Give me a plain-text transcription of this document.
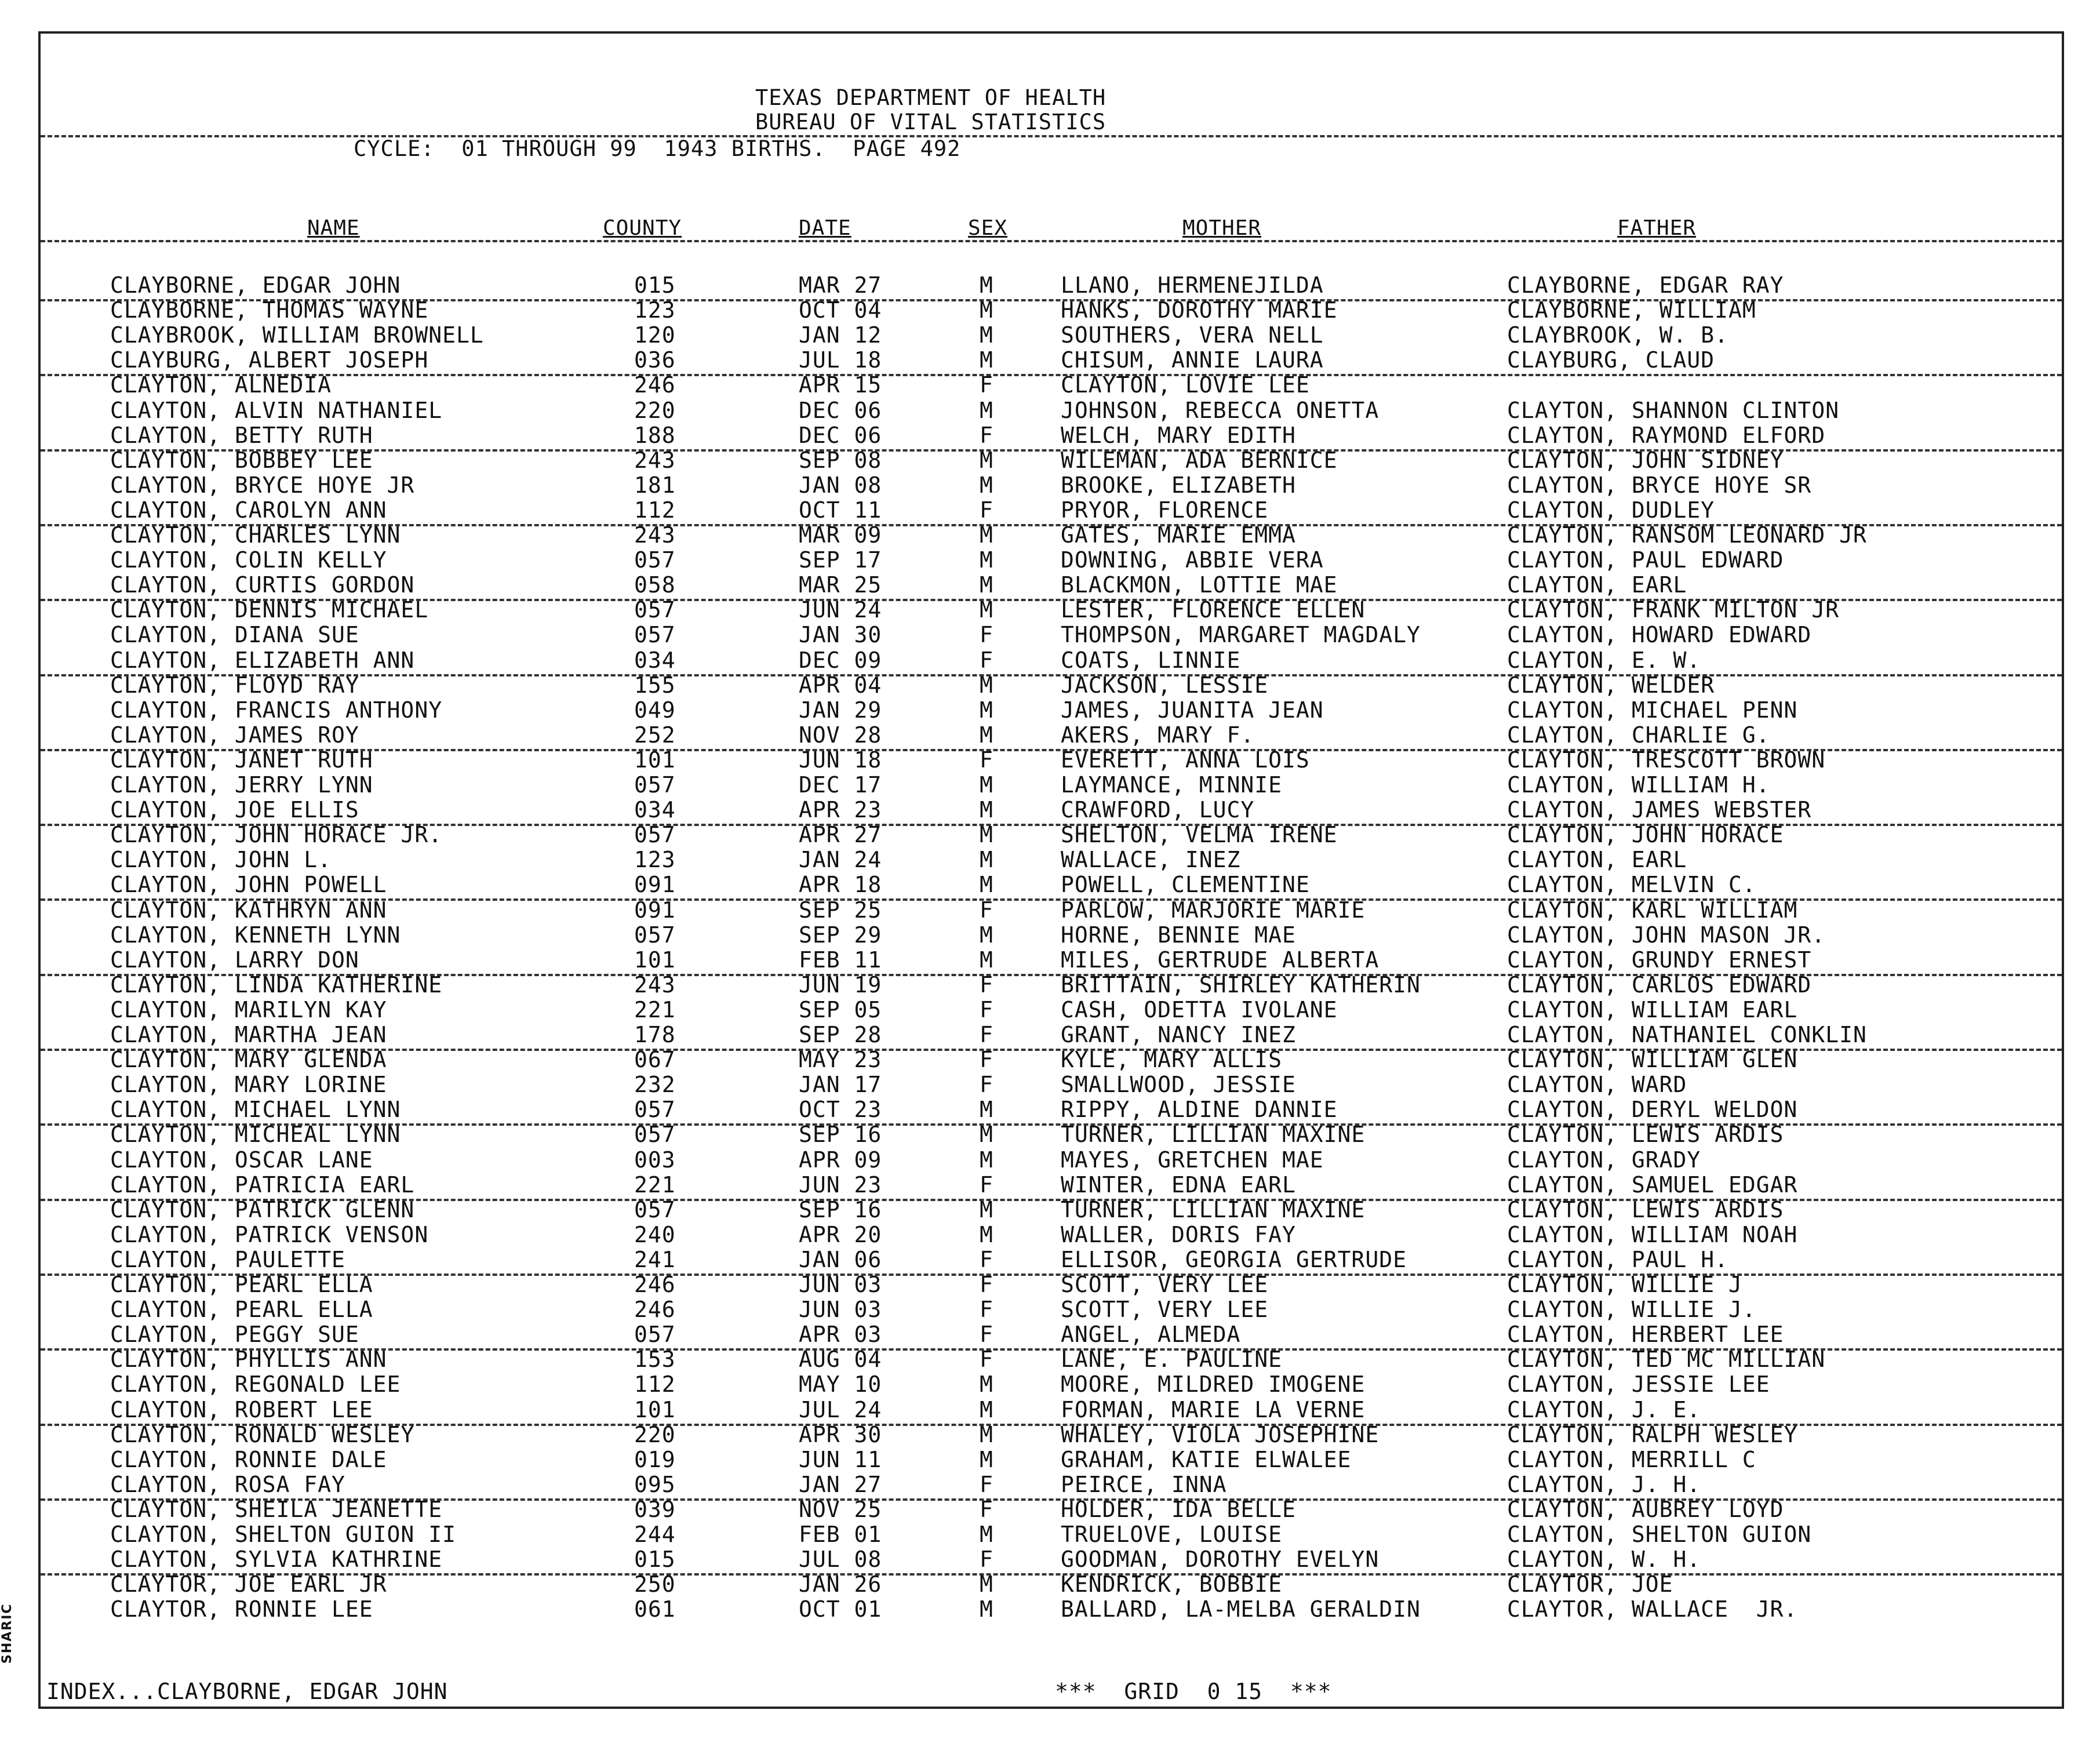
TEXAS DEPARTMENT OF HEALTH
BUREAU OF VITAL STATISTICS
CYCLE:  01 THROUGH 99  1943 BIRTHS.  PAGE 492
NAME	COUNTY	DATE	SEX	MOTHER	FATHER
CLAYBORNE, EDGAR JOHN	015	MAR 27	M	LLANO, HERMENEJILDA	CLAYBORNE, EDGAR RAY
CLAYBORNE, THOMAS WAYNE	123	OCT 04	M	HANKS, DOROTHY MARIE	CLAYBORNE, WILLIAM
CLAYBROOK, WILLIAM BROWNELL	120	JAN 12	M	SOUTHERS, VERA NELL	CLAYBROOK, W. B.
CLAYBURG, ALBERT JOSEPH	036	JUL 18	M	CHISUM, ANNIE LAURA	CLAYBURG, CLAUD
CLAYTON, ALNEDIA	246	APR 15	F	CLAYTON, LOVIE LEE
CLAYTON, ALVIN NATHANIEL	220	DEC 06	M	JOHNSON, REBECCA ONETTA	CLAYTON, SHANNON CLINTON
CLAYTON, BETTY RUTH	188	DEC 06	F	WELCH, MARY EDITH	CLAYTON, RAYMOND ELFORD
CLAYTON, BOBBEY LEE	243	SEP 08	M	WILEMAN, ADA BERNICE	CLAYTON, JOHN SIDNEY
CLAYTON, BRYCE HOYE JR	181	JAN 08	M	BROOKE, ELIZABETH	CLAYTON, BRYCE HOYE SR
CLAYTON, CAROLYN ANN	112	OCT 11	F	PRYOR, FLORENCE	CLAYTON, DUDLEY
CLAYTON, CHARLES LYNN	243	MAR 09	M	GATES, MARIE EMMA	CLAYTON, RANSOM LEONARD JR
CLAYTON, COLIN KELLY	057	SEP 17	M	DOWNING, ABBIE VERA	CLAYTON, PAUL EDWARD
CLAYTON, CURTIS GORDON	058	MAR 25	M	BLACKMON, LOTTIE MAE	CLAYTON, EARL
CLAYTON, DENNIS MICHAEL	057	JUN 24	M	LESTER, FLORENCE ELLEN	CLAYTON, FRANK MILTON JR
CLAYTON, DIANA SUE	057	JAN 30	F	THOMPSON, MARGARET MAGDALY	CLAYTON, HOWARD EDWARD
CLAYTON, ELIZABETH ANN	034	DEC 09	F	COATS, LINNIE	CLAYTON, E. W.
CLAYTON, FLOYD RAY	155	APR 04	M	JACKSON, LESSIE	CLAYTON, WELDER
CLAYTON, FRANCIS ANTHONY	049	JAN 29	M	JAMES, JUANITA JEAN	CLAYTON, MICHAEL PENN
CLAYTON, JAMES ROY	252	NOV 28	M	AKERS, MARY F.	CLAYTON, CHARLIE G.
CLAYTON, JANET RUTH	101	JUN 18	F	EVERETT, ANNA LOIS	CLAYTON, TRESCOTT BROWN
CLAYTON, JERRY LYNN	057	DEC 17	M	LAYMANCE, MINNIE	CLAYTON, WILLIAM H.
CLAYTON, JOE ELLIS	034	APR 23	M	CRAWFORD, LUCY	CLAYTON, JAMES WEBSTER
CLAYTON, JOHN HORACE JR.	057	APR 27	M	SHELTON, VELMA IRENE	CLAYTON, JOHN HORACE
CLAYTON, JOHN L.	123	JAN 24	M	WALLACE, INEZ	CLAYTON, EARL
CLAYTON, JOHN POWELL	091	APR 18	M	POWELL, CLEMENTINE	CLAYTON, MELVIN C.
CLAYTON, KATHRYN ANN	091	SEP 25	F	PARLOW, MARJORIE MARIE	CLAYTON, KARL WILLIAM
CLAYTON, KENNETH LYNN	057	SEP 29	M	HORNE, BENNIE MAE	CLAYTON, JOHN MASON JR.
CLAYTON, LARRY DON	101	FEB 11	M	MILES, GERTRUDE ALBERTA	CLAYTON, GRUNDY ERNEST
CLAYTON, LINDA KATHERINE	243	JUN 19	F	BRITTAIN, SHIRLEY KATHERIN	CLAYTON, CARLOS EDWARD
CLAYTON, MARILYN KAY	221	SEP 05	F	CASH, ODETTA IVOLANE	CLAYTON, WILLIAM EARL
CLAYTON, MARTHA JEAN	178	SEP 28	F	GRANT, NANCY INEZ	CLAYTON, NATHANIEL CONKLIN
CLAYTON, MARY GLENDA	067	MAY 23	F	KYLE, MARY ALLIS	CLAYTON, WILLIAM GLEN
CLAYTON, MARY LORINE	232	JAN 17	F	SMALLWOOD, JESSIE	CLAYTON, WARD
CLAYTON, MICHAEL LYNN	057	OCT 23	M	RIPPY, ALDINE DANNIE	CLAYTON, DERYL WELDON
CLAYTON, MICHEAL LYNN	057	SEP 16	M	TURNER, LILLIAN MAXINE	CLAYTON, LEWIS ARDIS
CLAYTON, OSCAR LANE	003	APR 09	M	MAYES, GRETCHEN MAE	CLAYTON, GRADY
CLAYTON, PATRICIA EARL	221	JUN 23	F	WINTER, EDNA EARL	CLAYTON, SAMUEL EDGAR
CLAYTON, PATRICK GLENN	057	SEP 16	M	TURNER, LILLIAN MAXINE	CLAYTON, LEWIS ARDIS
CLAYTON, PATRICK VENSON	240	APR 20	M	WALLER, DORIS FAY	CLAYTON, WILLIAM NOAH
CLAYTON, PAULETTE	241	JAN 06	F	ELLISOR, GEORGIA GERTRUDE	CLAYTON, PAUL H.
CLAYTON, PEARL ELLA	246	JUN 03	F	SCOTT, VERY LEE	CLAYTON, WILLIE J
CLAYTON, PEARL ELLA	246	JUN 03	F	SCOTT, VERY LEE	CLAYTON, WILLIE J.
CLAYTON, PEGGY SUE	057	APR 03	F	ANGEL, ALMEDA	CLAYTON, HERBERT LEE
CLAYTON, PHYLLIS ANN	153	AUG 04	F	LANE, E. PAULINE	CLAYTON, TED MC MILLIAN
CLAYTON, REGONALD LEE	112	MAY 10	M	MOORE, MILDRED IMOGENE	CLAYTON, JESSIE LEE
CLAYTON, ROBERT LEE	101	JUL 24	M	FORMAN, MARIE LA VERNE	CLAYTON, J. E.
CLAYTON, RONALD WESLEY	220	APR 30	M	WHALEY, VIOLA JOSEPHINE	CLAYTON, RALPH WESLEY
CLAYTON, RONNIE DALE	019	JUN 11	M	GRAHAM, KATIE ELWALEE	CLAYTON, MERRILL C
CLAYTON, ROSA FAY	095	JAN 27	F	PEIRCE, INNA	CLAYTON, J. H.
CLAYTON, SHEILA JEANETTE	039	NOV 25	F	HOLDER, IDA BELLE	CLAYTON, AUBREY LOYD
CLAYTON, SHELTON GUION II	244	FEB 01	M	TRUELOVE, LOUISE	CLAYTON, SHELTON GUION
CLAYTON, SYLVIA KATHRINE	015	JUL 08	F	GOODMAN, DOROTHY EVELYN	CLAYTON, W. H.
CLAYTOR, JOE EARL JR	250	JAN 26	M	KENDRICK, BOBBIE	CLAYTOR, JOE
CLAYTOR, RONNIE LEE	061	OCT 01	M	BALLARD, LA-MELBA GERALDIN	CLAYTOR, WALLACE  JR.
INDEX...CLAYBORNE, EDGAR JOHN	***  GRID  0 15  ***
SHARIC
